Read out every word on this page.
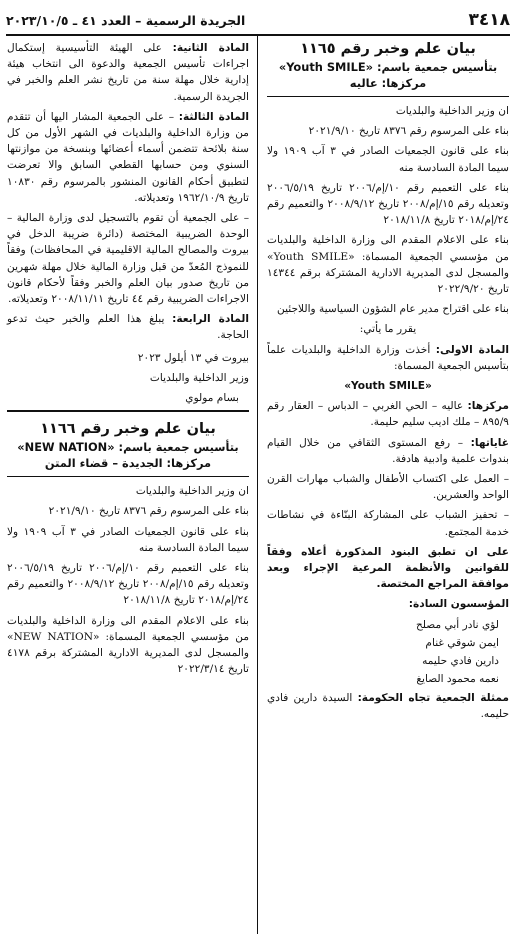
٣٤١٨
الجريدة الرسمية – العدد ٤١ ـ ٢٠٢٣/١٠/٥

بيان علم وخبر رقم ١١٦٥

بتأسيس جمعية باسم: «Youth SMILE»

مركزها: عاليه

ان وزير الداخلية والبلديات

بناء على المرسوم رقم ٨٣٧٦ تاريخ ٢٠٢١/٩/١٠

بناء على قانون الجمعيات الصادر في ٣ آب ١٩٠٩ ولا سيما المادة السادسة منه

بناء على التعميم رقم ١٠/إم/٢٠٠٦ تاريخ ٢٠٠٦/٥/١٩ وتعديله رقم ١٥/إم/٢٠٠٨ تاريخ ٢٠٠٨/٩/١٢ والتعميم رقم ٢٤/إم/٢٠١٨ تاريخ ٢٠١٨/١١/٨

بناء على الاعلام المقدم الى وزارة الداخلية والبلديات من مؤسسي الجمعية المسماة: «Youth SMILE» والمسجل لدى المديرية الادارية المشتركة برقم ١٤٣٤٤ تاريخ ٢٠٢٢/٩/٢٠

بناء على اقتراح مدير عام الشؤون السياسية واللاجئين

يقرر ما يأتي:

المادة الاولى: أخذت وزارة الداخلية والبلديات علماً بتأسيس الجمعية المسماة:

«Youth SMILE»

مركزها: عاليه – الحي الغربي – الدباس – العقار رقم ٨٩٥/٩ – ملك اديب سليم حليمة.

غاياتها: – رفع المستوى الثقافي من خلال القيام بندوات علمية وادبية هادفة.

– العمل على اكتساب الأطفال والشباب مهارات القرن الواحد والعشرين.

– تحفيز الشباب على المشاركة البنّاءة في نشاطات خدمة المجتمع.

على ان تطبق البنود المذكورة أعلاه وفقاً للقوانين والأنظمة المرعية الإجراء وبعد موافقة المراجع المختصة.

المؤسسون السادة:

لؤي نادر أبي مصلح

ايمن شوقي غنام

دارين فادي حليمه

نعمه محمود الصايغ

ممثلة الجمعية تجاه الحكومة: السيدة دارين فادي حليمه.

المادة الثانية: على الهيئة التأسيسية إستكمال اجراءات تأسيس الجمعية والدعوة الى انتخاب هيئة إدارية خلال مهلة سنة من تاريخ نشر العلم والخبر في الجريدة الرسمية.

المادة الثالثة: – على الجمعية المشار اليها أن تتقدم من وزارة الداخلية والبلديات في الشهر الأول من كل سنة بلائحة تتضمن أسماء أعضائها وبنسخة من موازنتها السنوي ومن حسابها القطعي السابق والا تعرضت لتطبيق أحكام القانون المنشور بالمرسوم رقم ١٠٨٣٠ تاريخ ١٩٦٢/١٠/٩ وتعديلاته.

– على الجمعية أن تقوم بالتسجيل لدى وزارة المالية – الوحدة الضريبية المختصة (دائرة ضريبة الدخل في بيروت والمصالح المالية الاقليمية في المحافظات) وفقاً للنموذج المُعدّ من قبل وزارة المالية خلال مهلة شهرين من تاريخ صدور بيان العلم والخبر وفقاً لأحكام قانون الاجراءات الضريبية رقم ٤٤ تاريخ ٢٠٠٨/١١/١١ وتعديلاته.

المادة الرابعة: يبلغ هذا العلم والخبر حيث تدعو الحاجة.

بيروت في ١٣ أيلول ٢٠٢٣

وزير الداخلية والبلديات

بسام مولوي

بيان علم وخبر رقم ١١٦٦

بتأسيس جمعية باسم: «NEW NATION»

مركزها: الجديدة – قضاء المتن

ان وزير الداخلية والبلديات

بناء على المرسوم رقم ٨٣٧٦ تاريخ ٢٠٢١/٩/١٠

بناء على قانون الجمعيات الصادر في ٣ آب ١٩٠٩ ولا سيما المادة السادسة منه

بناء على التعميم رقم ١٠/إم/٢٠٠٦ تاريخ ٢٠٠٦/٥/١٩ وتعديله رقم ١٥/إم/٢٠٠٨ تاريخ ٢٠٠٨/٩/١٢ والتعميم رقم ٢٤/إم/٢٠١٨ تاريخ ٢٠١٨/١١/٨

بناء على الاعلام المقدم الى وزارة الداخلية والبلديات من مؤسسي الجمعية المسماة: «NEW NATION» والمسجل لدى المديرية الادارية المشتركة برقم ٤١٧٨ تاريخ ٢٠٢٢/٣/١٤
